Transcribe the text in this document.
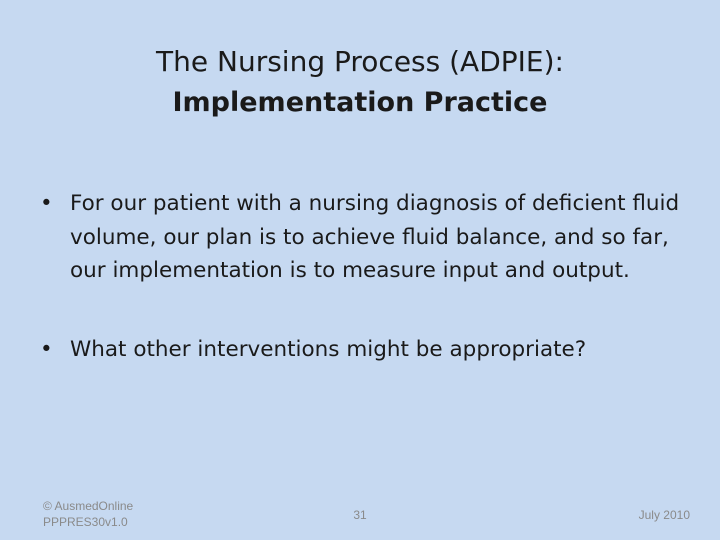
The Nursing Process (ADPIE):
Implementation Practice
• For our patient with a nursing diagnosis of deficient fluid volume, our plan is to achieve fluid balance, and so far, our implementation is to measure input and output.
• What other interventions might be appropriate?
© AusmedOnline
PPPRES30v1.0	31	July 2010
